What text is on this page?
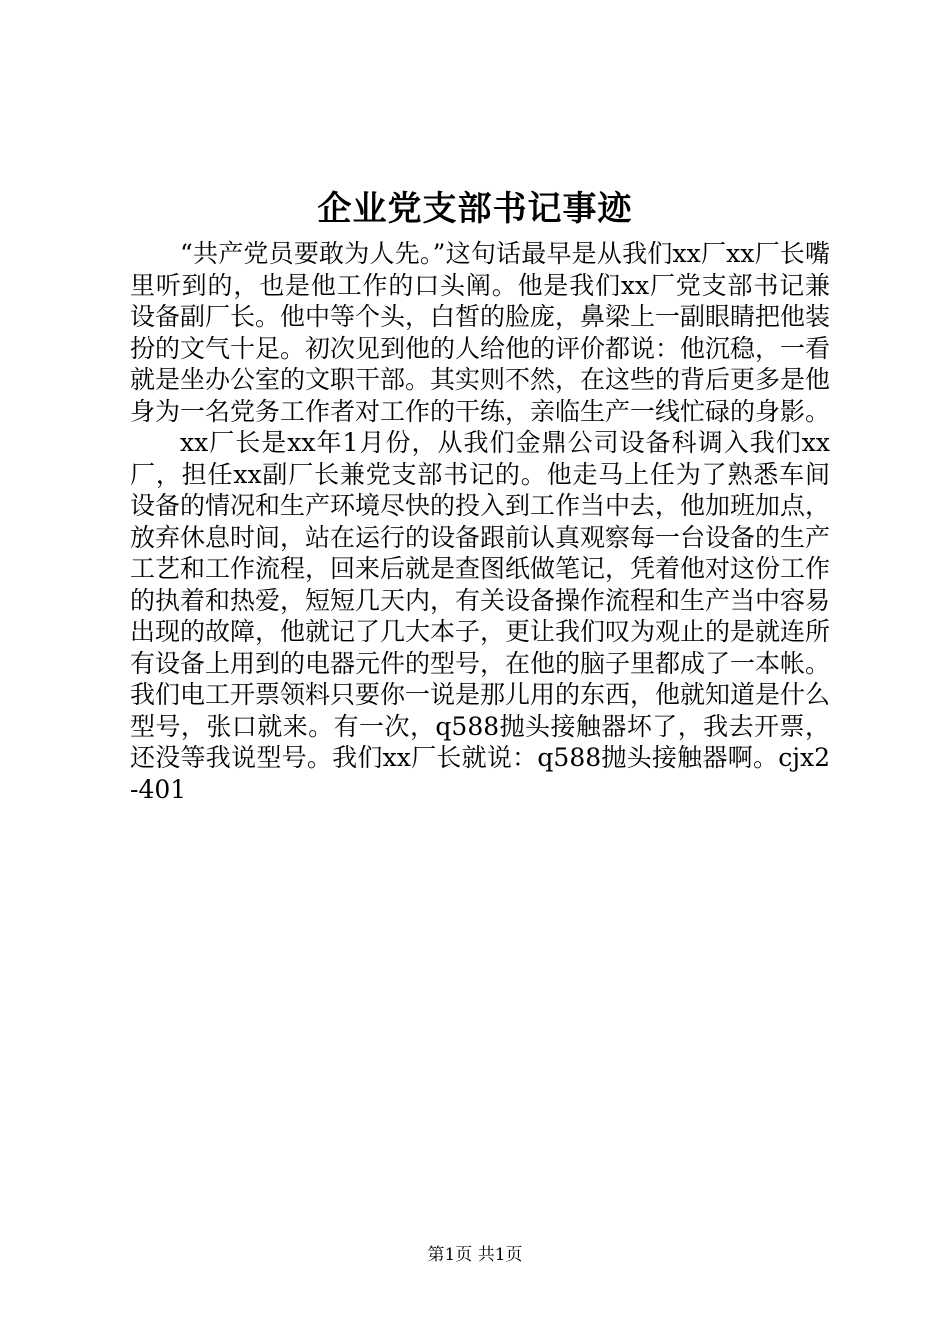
企业党支部书记事迹

“共产党员要敢为人先。”这句话最早是从我们xx厂xx厂长嘴里听到的，也是他工作的口头阐。他是我们xx厂党支部书记兼设备副厂长。他中等个头，白皙的脸庞，鼻梁上一副眼睛把他装扮的文气十足。初次见到他的人给他的评价都说：他沉稳，一看就是坐办公室的文职干部。其实则不然，在这些的背后更多是他身为一名党务工作者对工作的干练，亲临生产一线忙碌的身影。

xx厂长是xx年1月份，从我们金鼎公司设备科调入我们xx厂，担任xx副厂长兼党支部书记的。他走马上任为了熟悉车间设备的情况和生产环境尽快的投入到工作当中去，他加班加点，放弃休息时间，站在运行的设备跟前认真观察每一台设备的生产工艺和工作流程，回来后就是查图纸做笔记，凭着他对这份工作的执着和热爱，短短几天内，有关设备操作流程和生产当中容易出现的故障，他就记了几大本子，更让我们叹为观止的是就连所有设备上用到的电器元件的型号，在他的脑子里都成了一本帐。我们电工开票领料只要你一说是那儿用的东西，他就知道是什么型号，张口就来。有一次，q588抛头接触器坏了，我去开票，还没等我说型号。我们xx厂长就说：q588抛头接触器啊。cjx2-401

第1页 共1页
